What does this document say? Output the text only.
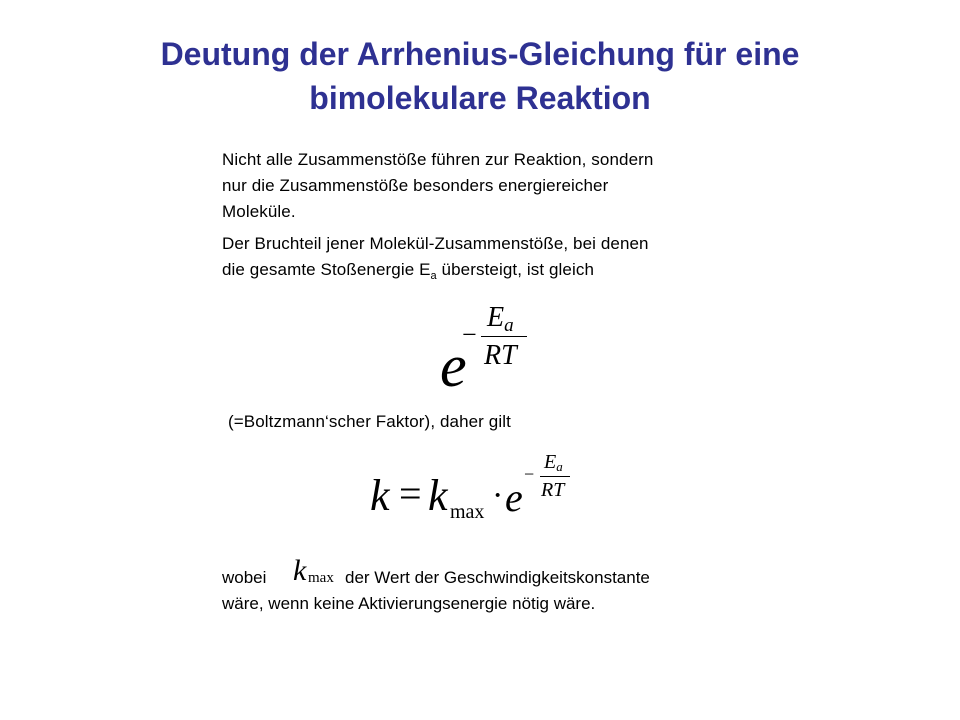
Deutung der Arrhenius-Gleichung für eine
bimolekulare Reaktion
Nicht alle Zusammenstöße führen zur Reaktion, sondern
nur die Zusammenstöße besonders energiereicher
Moleküle.
Der Bruchteil jener Molekül-Zusammenstöße, bei denen
die gesamte Stoßenergie $E_a$ übersteigt, ist gleich
e
−
Ea
RT
(=Boltzmann‘scher Faktor), daher gilt
k = k max · e
−
Ea
RT
wobei k max der Wert der Geschwindigkeitskonstante
wäre, wenn keine Aktivierungsenergie nötig wäre.
